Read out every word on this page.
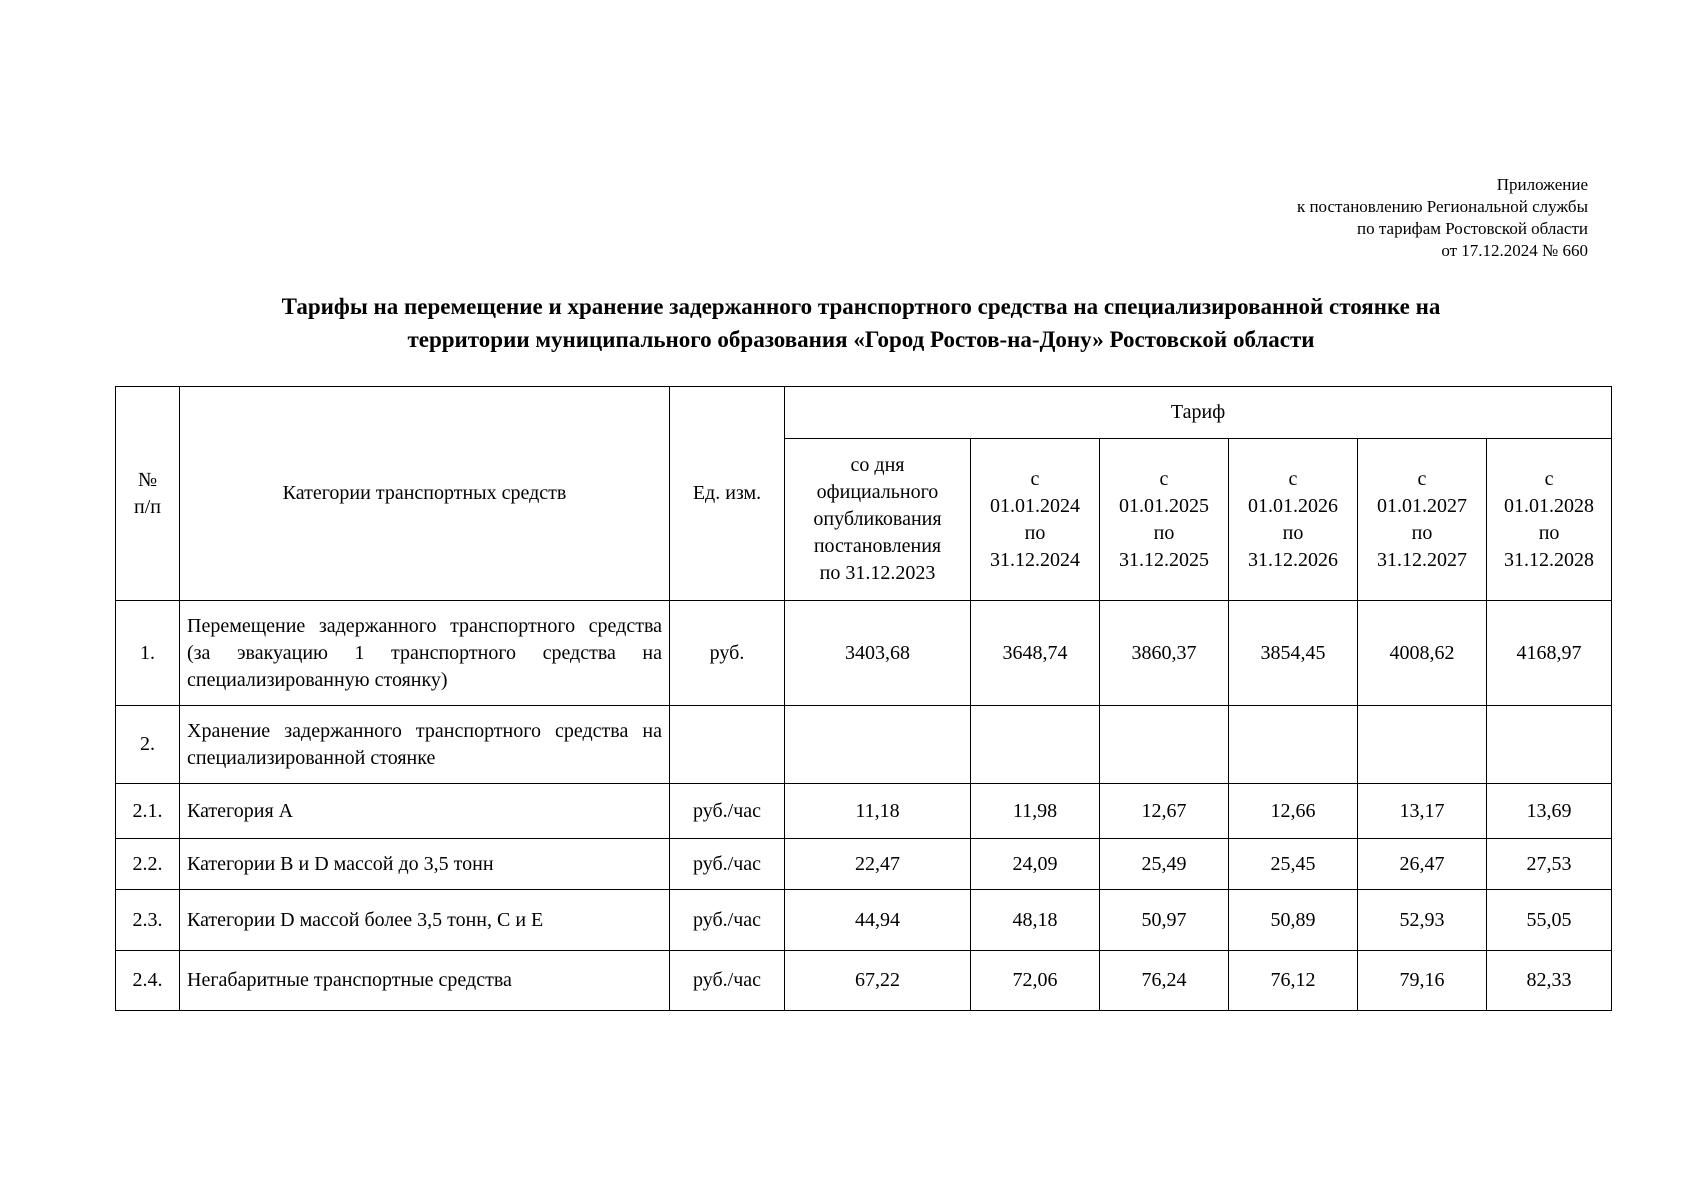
Приложение
к постановлению Региональной службы
по тарифам Ростовской области
от 17.12.2024 № 660
Тарифы на перемещение и хранение задержанного транспортного средства на специализированной стоянке на
территории муниципального образования «Город Ростов-на-Дону» Ростовской области
№
п/п	Категории транспортных средств	Ед. изм.	Тариф					

			со дня
официального
опубликования
постановления
по 31.12.2023	с
01.01.2024
по
31.12.2024	с
01.01.2025
по
31.12.2025	с
01.01.2026
по
31.12.2026	с
01.01.2027
по
31.12.2027	с
01.01.2028
по
31.12.2028

1.	Перемещение задержанного транспортного средства (за эвакуацию 1 транспортного средства на специализированную стоянку)	руб.	3403,68	3648,74	3860,37	3854,45	4008,62	4168,97
2.	Хранение задержанного транспортного средства на специализированной стоянке							
2.1.	Категория A	руб./час	11,18	11,98	12,67	12,66	13,17	13,69
2.2.	Категории B и D массой до 3,5 тонн	руб./час	22,47	24,09	25,49	25,45	26,47	27,53
2.3.	Категории D массой более 3,5 тонн, C и E	руб./час	44,94	48,18	50,97	50,89	52,93	55,05
2.4.	Негабаритные транспортные средства	руб./час	67,22	72,06	76,24	76,12	79,16	82,33
